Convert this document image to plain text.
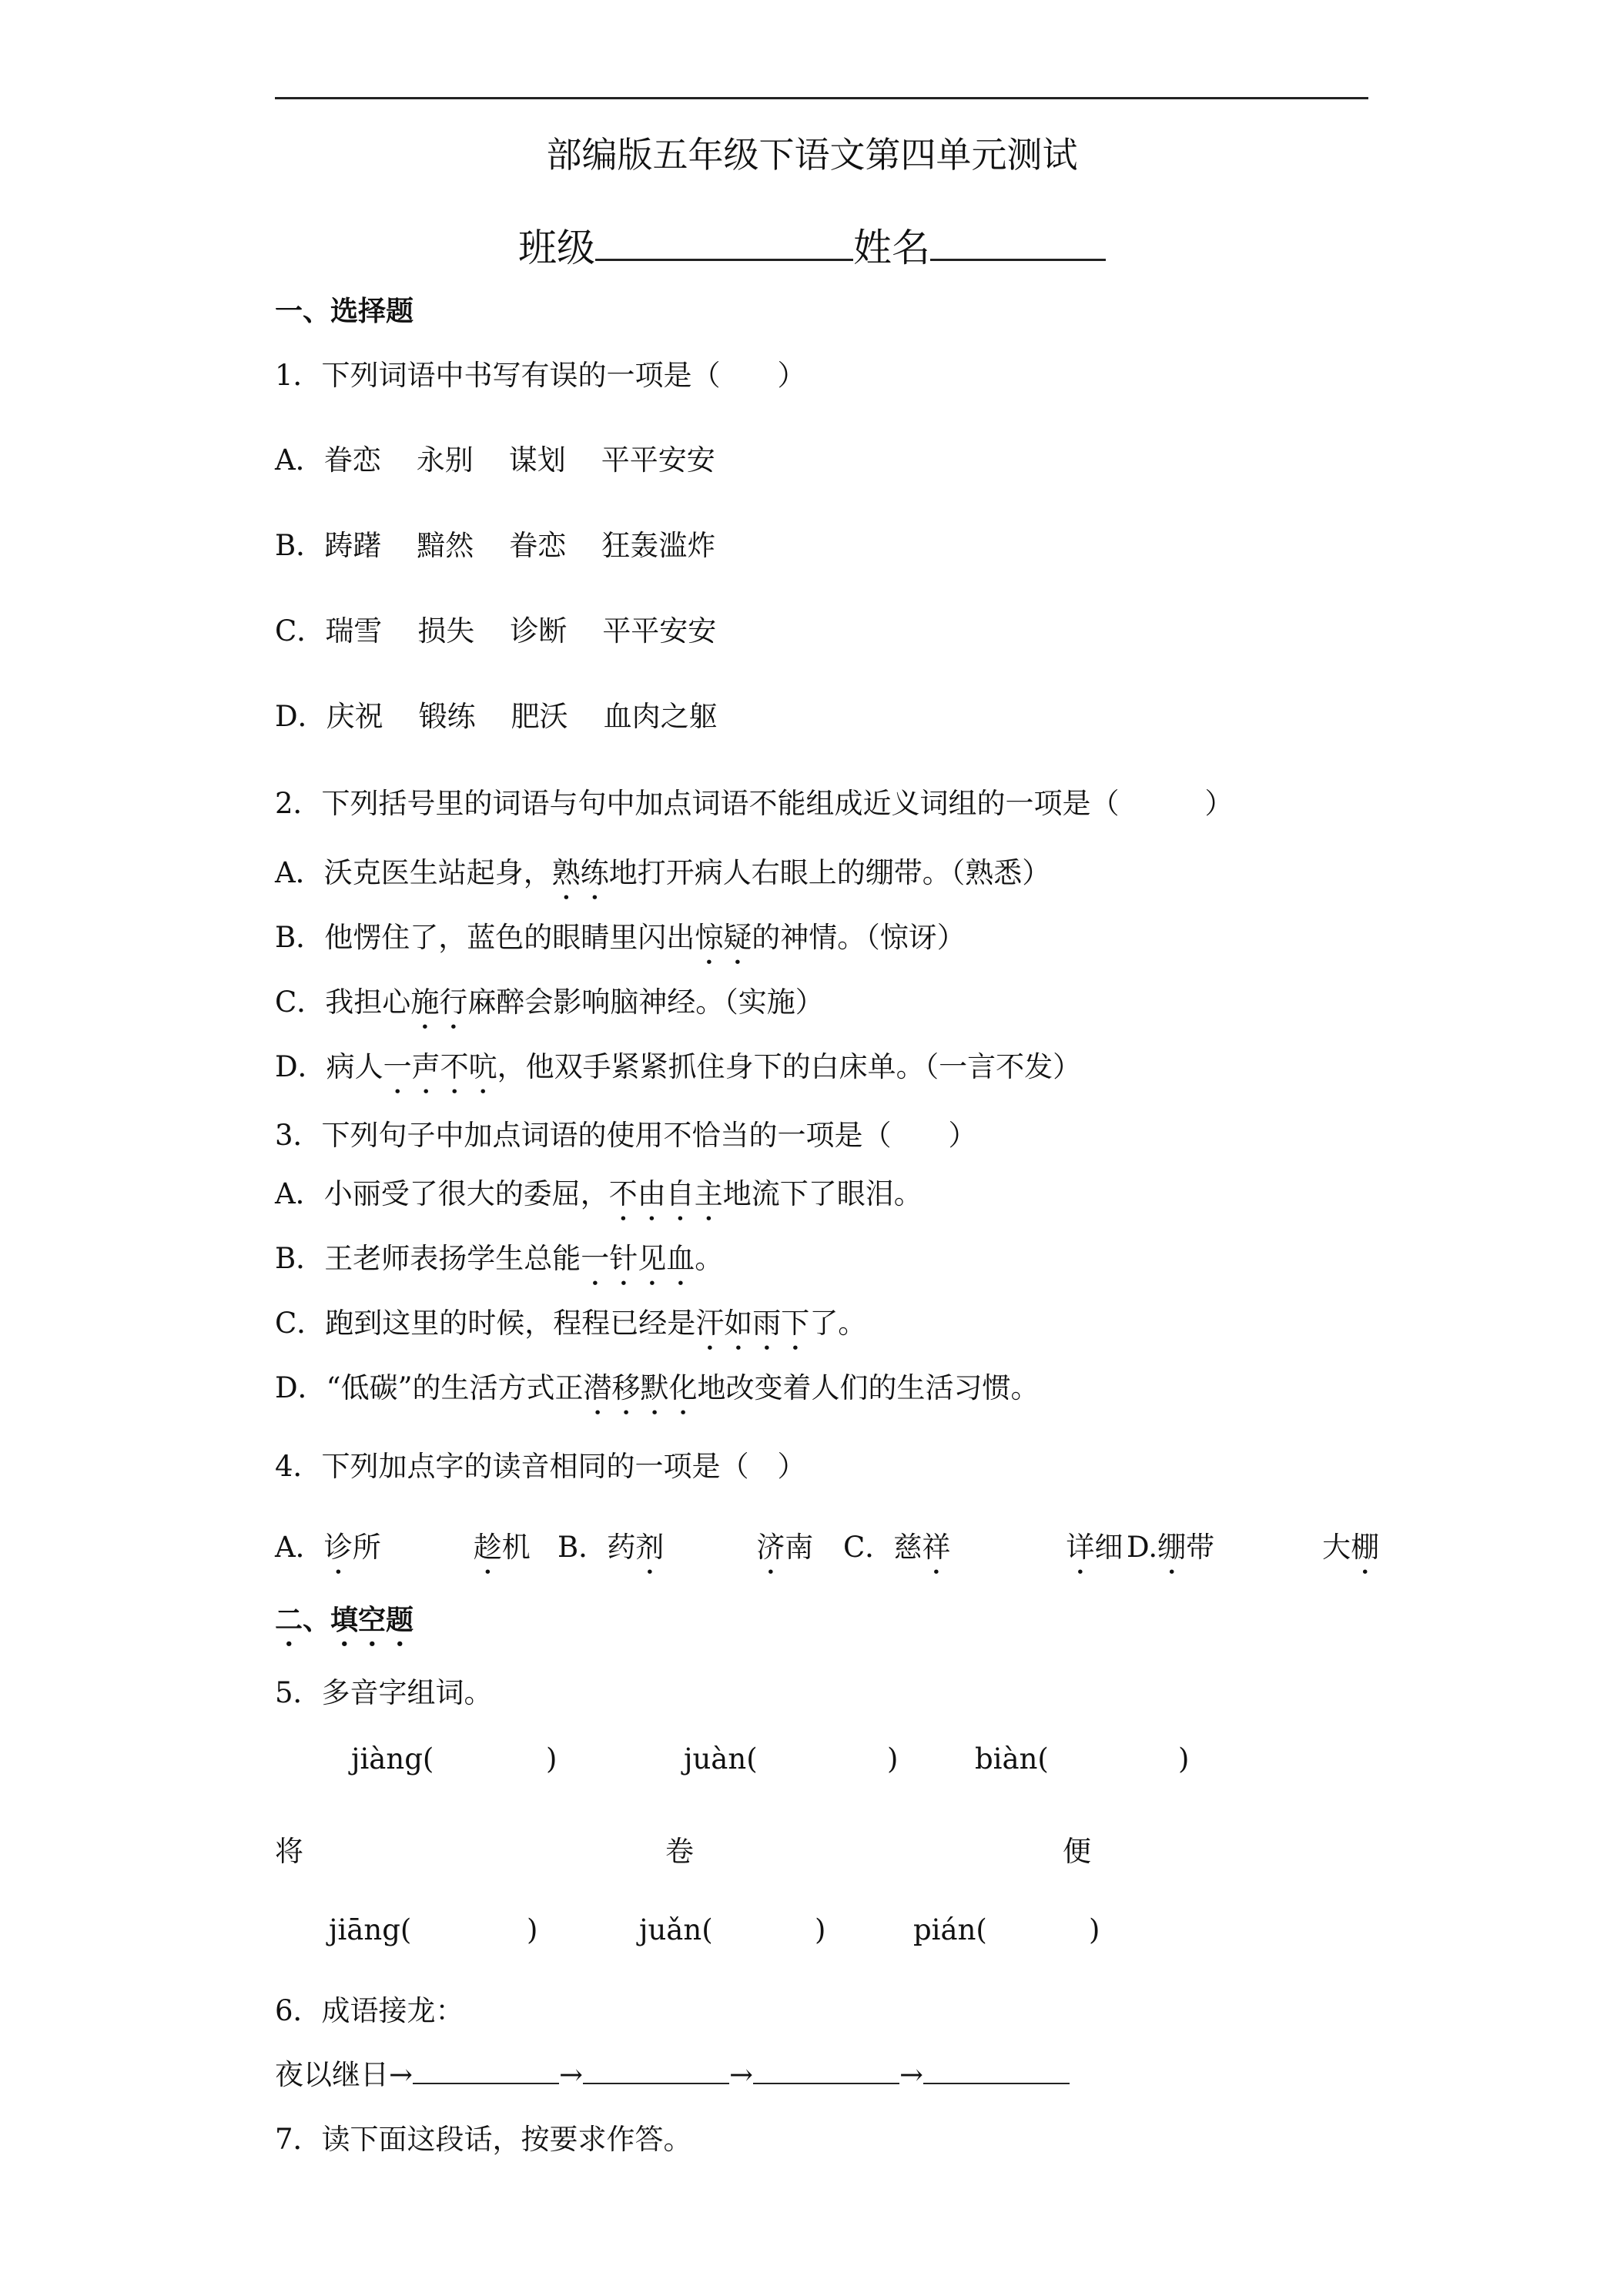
部编版五年级下语文第四单元测试
班级	姓名
一、选择题
1．下列词语中书写有误的一项是（　　）
A．眷恋 永别 谋划 平平安安
B．踌躇 黯然 眷恋 狂轰滥炸
C．瑞雪 损失 诊断 平平安安
D．庆祝 锻练 肥沃 血肉之躯
2．下列括号里的词语与句中加点词语不能组成近义词组的一项是（　　　）
A．沃克医生站起身，熟练地打开病人右眼上的绷带。（熟悉）
B．他愣住了，蓝色的眼睛里闪出惊疑的神情。（惊讶）
C．我担心施行麻醉会影响脑神经。（实施）
D．病人一声不吭，他双手紧紧抓住身下的白床单。（一言不发）
3．下列句子中加点词语的使用不恰当的一项是（　　）
A．小丽受了很大的委屈，不由自主地流下了眼泪。
B．王老师表扬学生总能一针见血。
C．跑到这里的时候，程程已经是汗如雨下了。
D．“低碳”的生活方式正潜移默化地改变着人们的生活习惯。
4．下列加点字的读音相同的一项是（　）
A．诊所	趁机 B．药剂	济南 C．慈祥	详细 D.绷带	大棚
二、填空题
5．多音字组词。
jiàng(	)	juàn(	)	biàn(	)
将	卷	便
jiāng(	)	juǎn(	)	pián(	)
6．成语接龙：
夜以继日→	→	→	→
7．读下面这段话，按要求作答。
